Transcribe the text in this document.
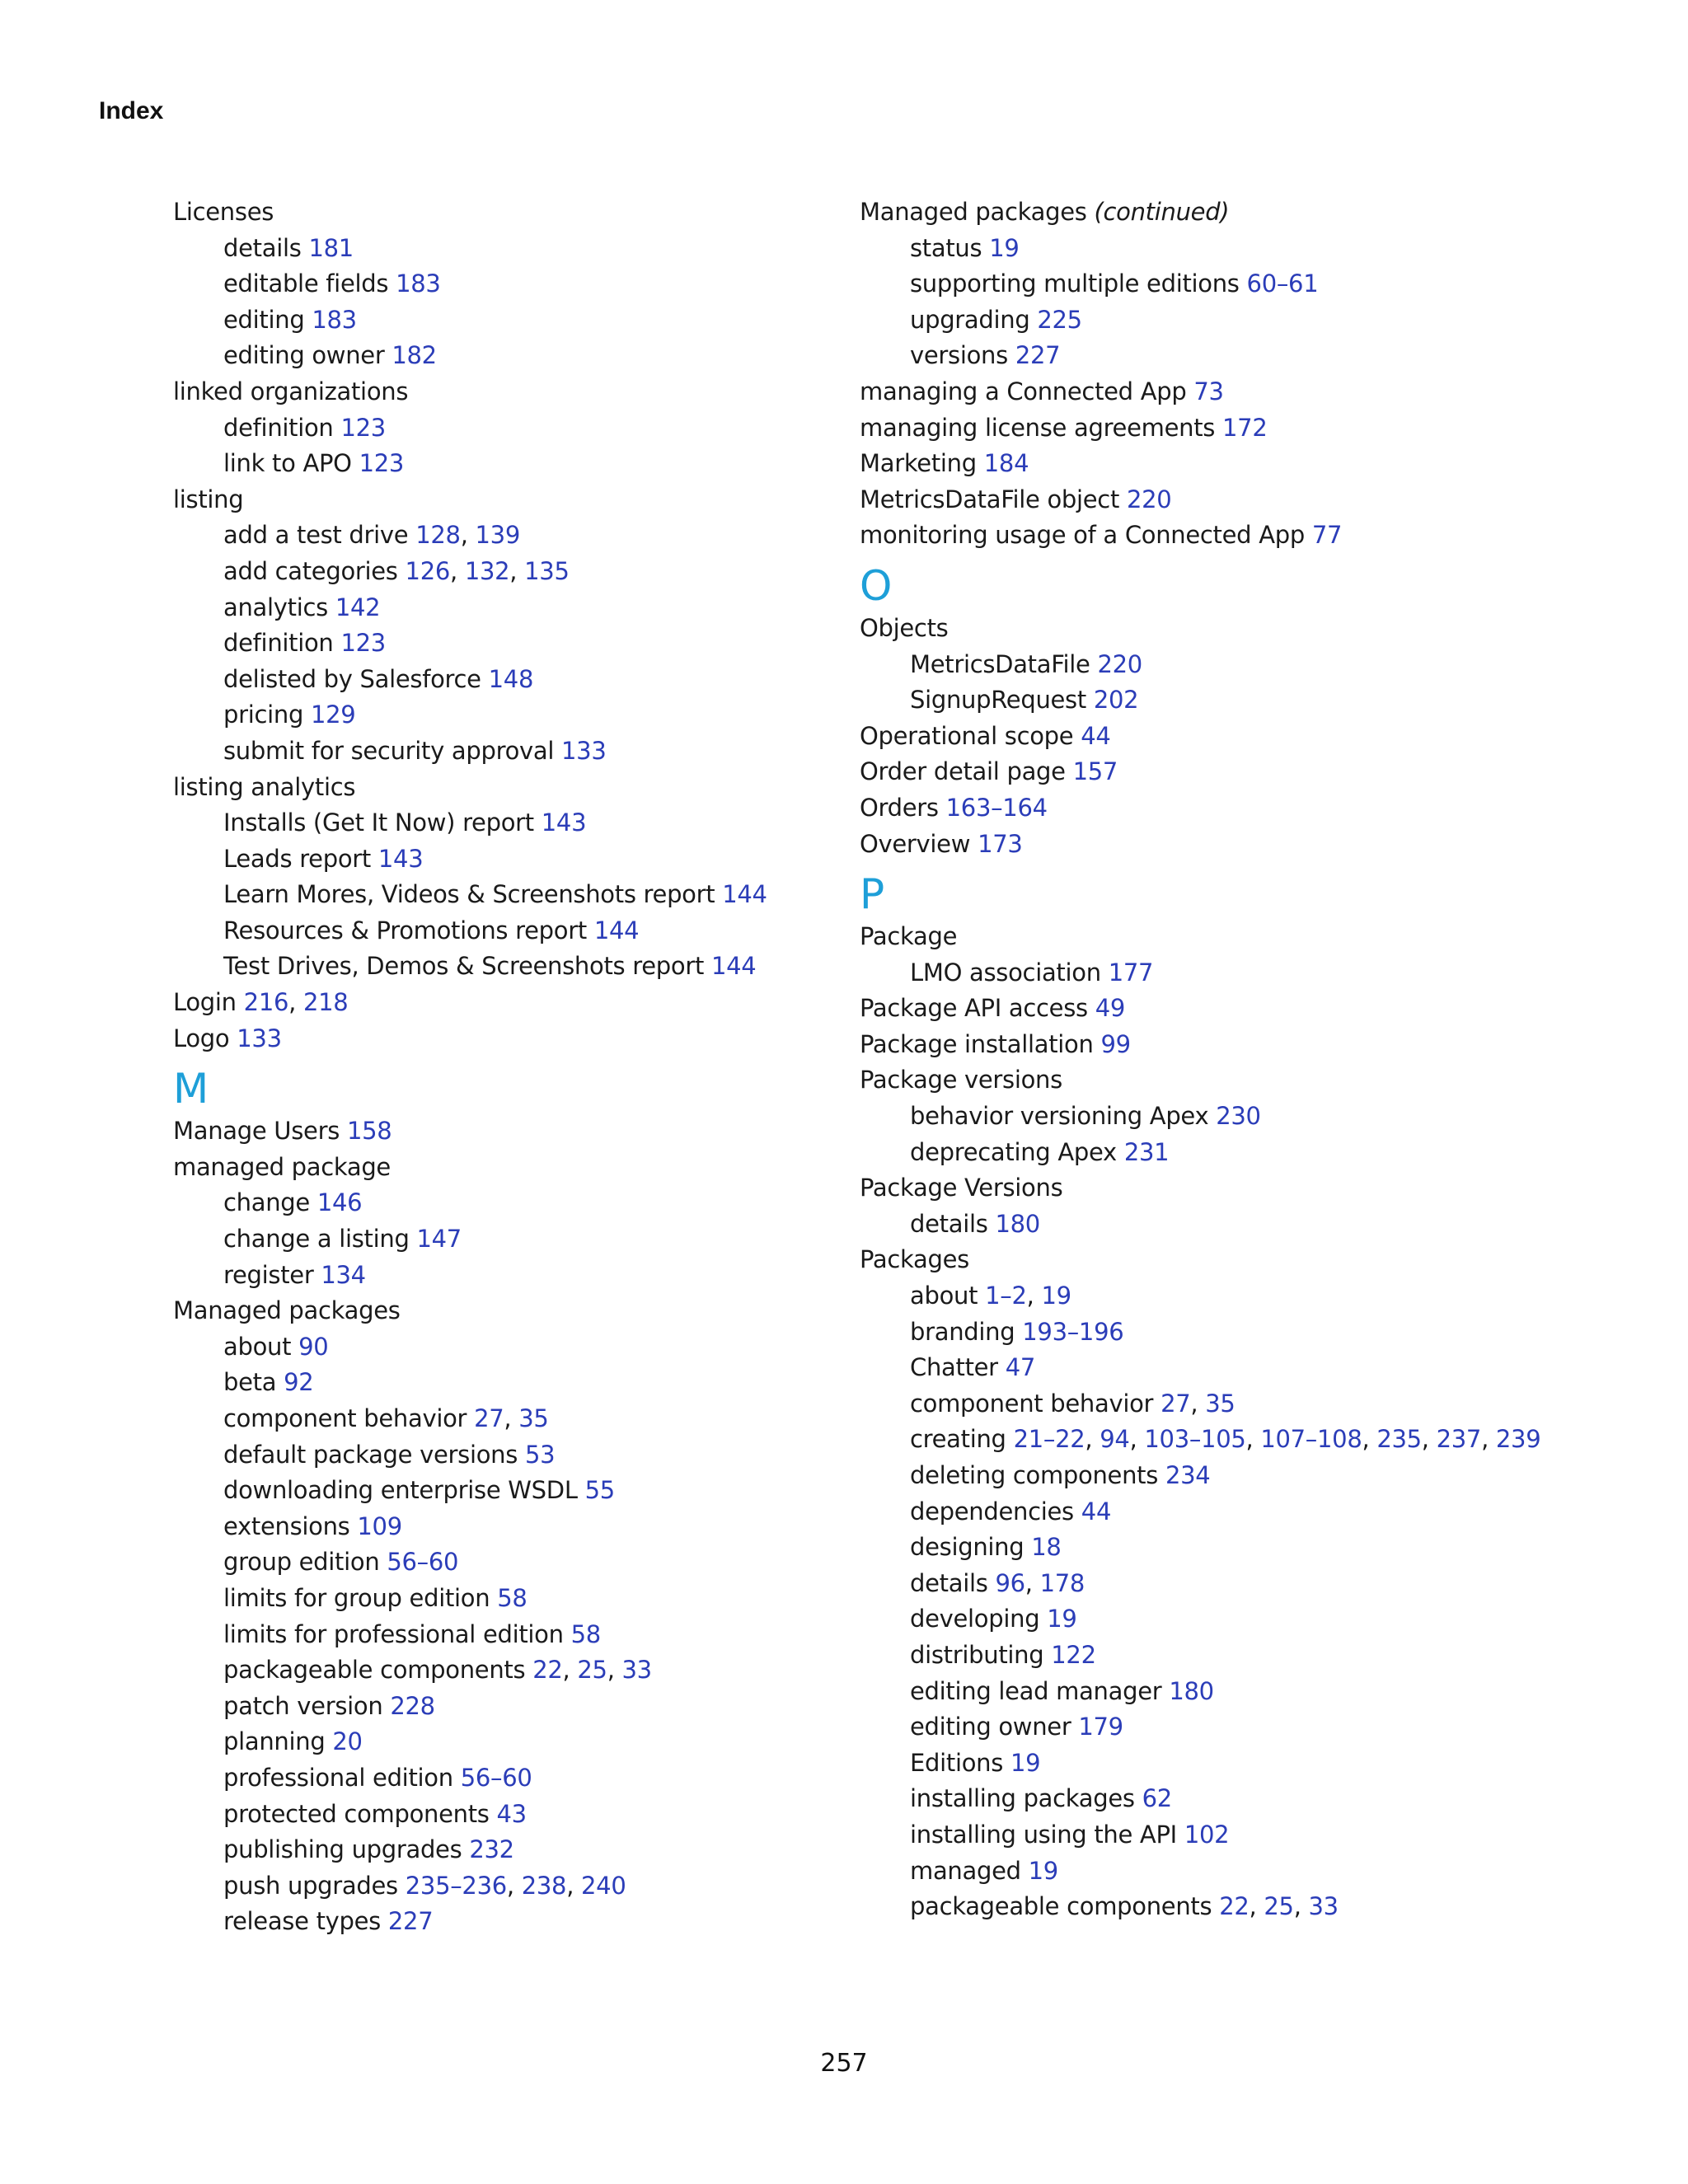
Index
Licenses
details 181
editable fields 183
editing 183
editing owner 182
linked organizations
definition 123
link to APO 123
listing
add a test drive 128, 139
add categories 126, 132, 135
analytics 142
definition 123
delisted by Salesforce 148
pricing 129
submit for security approval 133
listing analytics
Installs (Get It Now) report 143
Leads report 143
Learn Mores, Videos & Screenshots report 144
Resources & Promotions report 144
Test Drives, Demos & Screenshots report 144
Login 216, 218
Logo 133
M
Manage Users 158
managed package
change 146
change a listing 147
register 134
Managed packages
about 90
beta 92
component behavior 27, 35
default package versions 53
downloading enterprise WSDL 55
extensions 109
group edition 56–60
limits for group edition 58
limits for professional edition 58
packageable components 22, 25, 33
patch version 228
planning 20
professional edition 56–60
protected components 43
publishing upgrades 232
push upgrades 235–236, 238, 240
release types 227
Managed packages (continued)
status 19
supporting multiple editions 60–61
upgrading 225
versions 227
managing a Connected App 73
managing license agreements 172
Marketing 184
MetricsDataFile object 220
monitoring usage of a Connected App 77
O
Objects
MetricsDataFile 220
SignupRequest 202
Operational scope 44
Order detail page 157
Orders 163–164
Overview 173
P
Package
LMO association 177
Package API access 49
Package installation 99
Package versions
behavior versioning Apex 230
deprecating Apex 231
Package Versions
details 180
Packages
about 1–2, 19
branding 193–196
Chatter 47
component behavior 27, 35
creating 21–22, 94, 103–105, 107–108, 235, 237, 239
deleting components 234
dependencies 44
designing 18
details 96, 178
developing 19
distributing 122
editing lead manager 180
editing owner 179
Editions 19
installing packages 62
installing using the API 102
managed 19
packageable components 22, 25, 33
257
